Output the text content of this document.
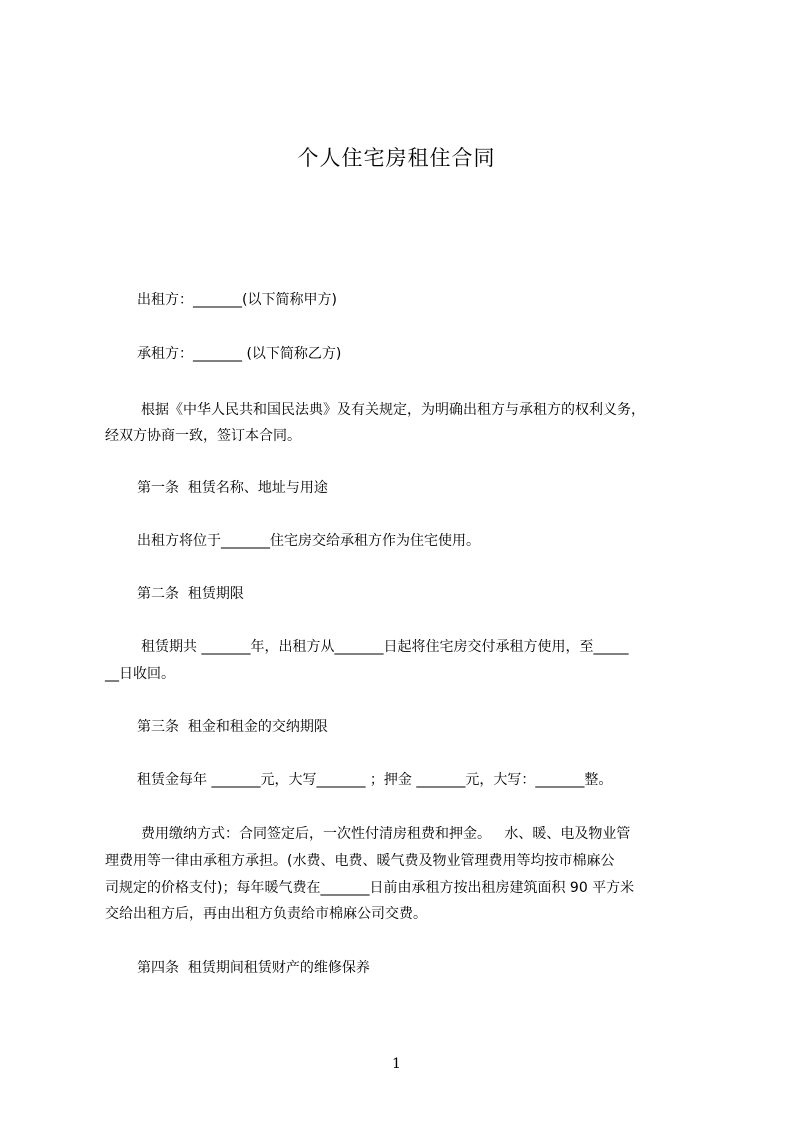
个人住宅房租住合同
出租方：_______(以下简称甲方)
承租方：_______ (以下简称乙方)
根据《中华人民共和国民法典》及有关规定，为明确出租方与承租方的权利义务，
经双方协商一致，签订本合同。
第一条  租赁名称、地址与用途
出租方将位于_______住宅房交给承租方作为住宅使用。
第二条  租赁期限
租赁期共 _______年，出租方从_______日起将住宅房交付承租方使用，至_____
__日收回。
第三条  租金和租金的交纳期限
租赁金每年 _______元，大写_______ ；押金 _______元，大写：_______整。
费用缴纳方式：合同签定后，一次性付清房租费和押金。   水、暖、电及物业管
理费用等一律由承租方承担。(水费、电费、暖气费及物业管理费用等均按市棉麻公
司规定的价格支付)；每年暖气费在_______日前由承租方按出租房建筑面积 90 平方米
交给出租方后，再由出租方负责给市棉麻公司交费。
第四条  租赁期间租赁财产的维修保养
1
